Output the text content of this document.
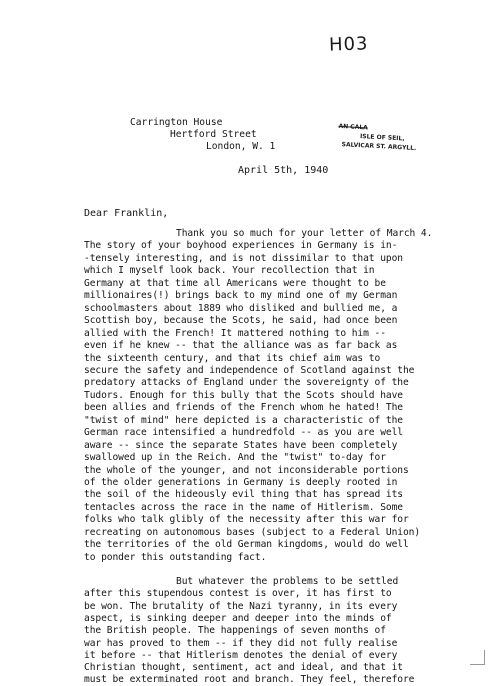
H03
Carrington House
Hertford Street
London, W. 1
AN CALA
ISLE OF SEIL,
SALVICAR ST. ARGYLL.
April 5th, 1940
Dear Franklin,
Thank you so much for your letter of March 4.
The story of your boyhood experiences in Germany is in-
-tensely interesting, and is not dissimilar to that upon
which I myself look back. Your recollection that in
Germany at that time all Americans were thought to be
millionaires(!) brings back to my mind one of my German
schoolmasters about 1889 who disliked and bullied me, a
Scottish boy, because the Scots, he said, had once been
allied with the French! It mattered nothing to him --
even if he knew -- that the alliance was as far back as
the sixteenth century, and that its chief aim was to
secure the safety and independence of Scotland against the
predatory attacks of England under the sovereignty of the
Tudors. Enough for this bully that the Scots should have
been allies and friends of the French whom he hated! The
"twist of mind" here depicted is a characteristic of the
German race intensified a hundredfold -- as you are well
aware -- since the separate States have been completely
swallowed up in the Reich. And the "twist" to-day for
the whole of the younger, and not inconsiderable portions
of the older generations in Germany is deeply rooted in
the soil of the hideously evil thing that has spread its
tentacles across the race in the name of Hitlerism. Some
folks who talk glibly of the necessity after this war for
recreating on autonomous bases (subject to a Federal Union)
the territories of the old German kingdoms, would do well
to ponder this outstanding fact.
But whatever the problems to be settled
after this stupendous contest is over, it has first to
be won. The brutality of the Nazi tyranny, in its every
aspect, is sinking deeper and deeper into the minds of
the British people. The happenings of seven months of
war has proved to them -- if they did not fully realise
it before -- that Hitlerism denotes the denial of every
Christian thought, sentiment, act and ideal, and that it
must be exterminated root and branch. They feel, therefore
